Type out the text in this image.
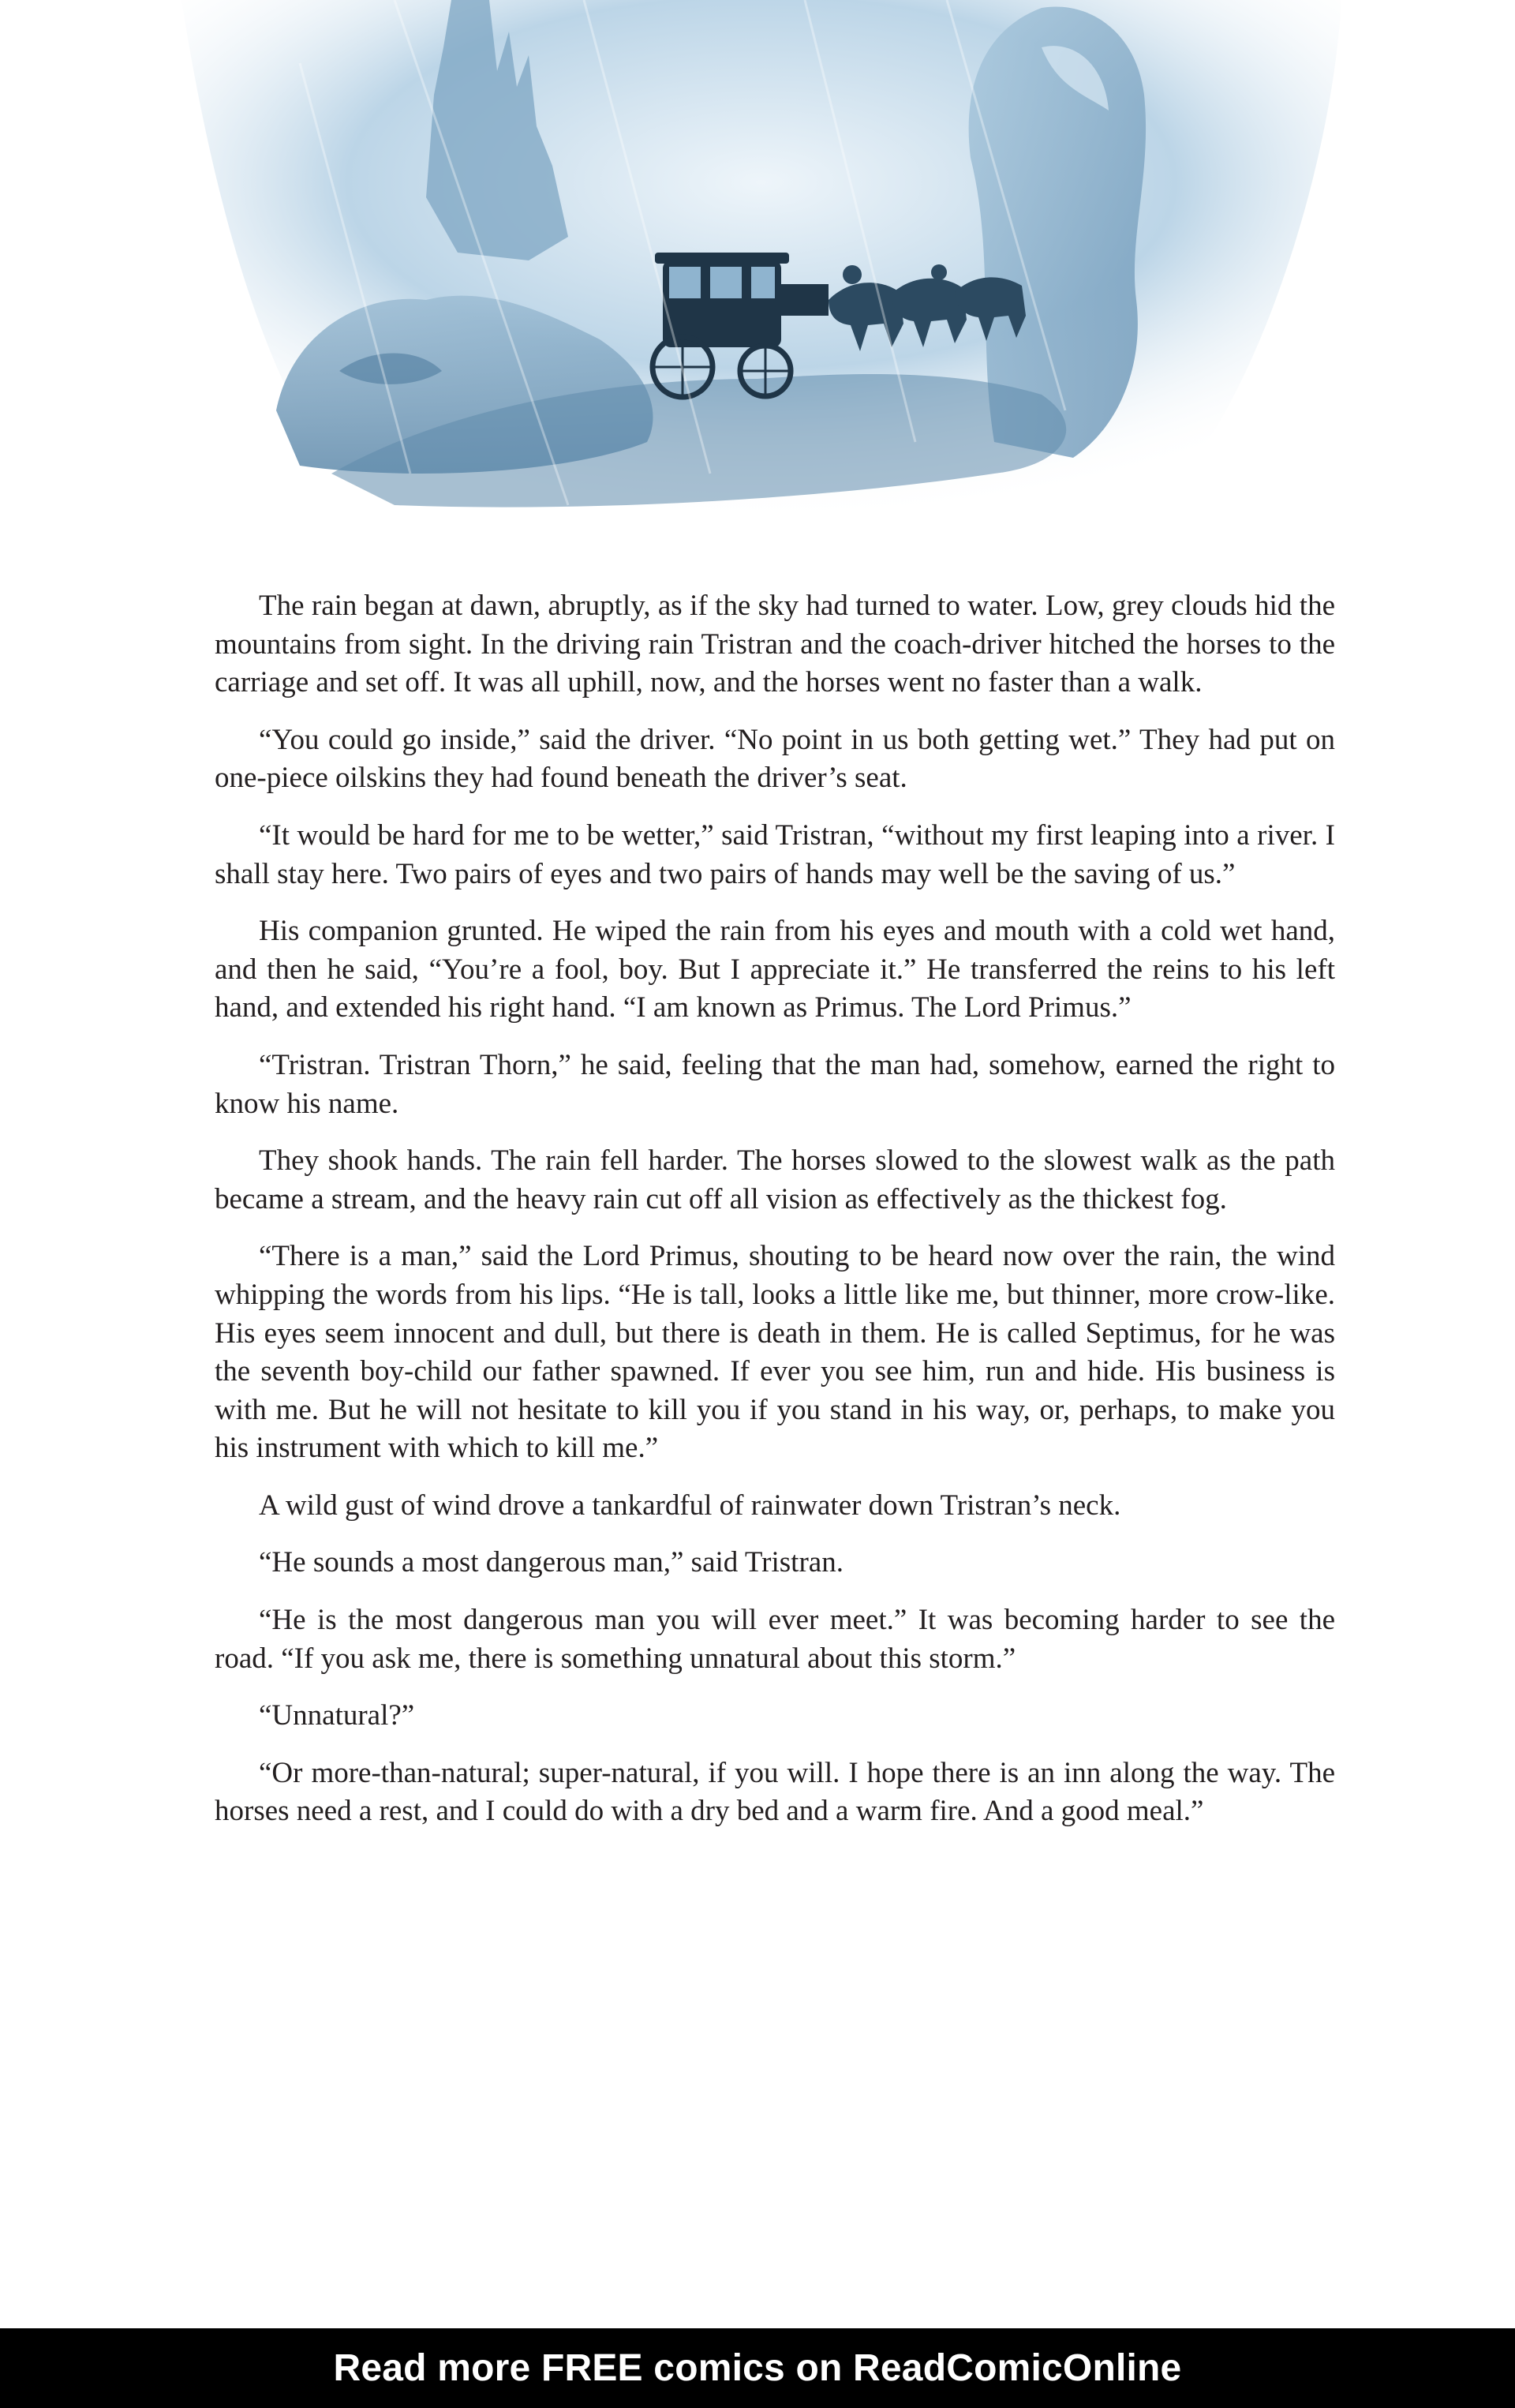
The rain began at dawn, abruptly, as if the sky had turned to water. Low, grey clouds hid the mountains from sight. In the driving rain Tristran and the coach-driver hitched the horses to the carriage and set off. It was all uphill, now, and the horses went no faster than a walk.

“You could go inside,” said the driver. “No point in us both getting wet.” They had put on one-piece oilskins they had found beneath the driver’s seat.

“It would be hard for me to be wetter,” said Tristran, “without my first leaping into a river. I shall stay here. Two pairs of eyes and two pairs of hands may well be the saving of us.”

His companion grunted. He wiped the rain from his eyes and mouth with a cold wet hand, and then he said, “You’re a fool, boy. But I appreciate it.” He transferred the reins to his left hand, and extended his right hand. “I am known as Primus. The Lord Primus.”

“Tristran. Tristran Thorn,” he said, feeling that the man had, somehow, earned the right to know his name.

They shook hands. The rain fell harder. The horses slowed to the slowest walk as the path became a stream, and the heavy rain cut off all vision as effectively as the thickest fog.

“There is a man,” said the Lord Primus, shouting to be heard now over the rain, the wind whipping the words from his lips. “He is tall, looks a little like me, but thinner, more crow-like. His eyes seem innocent and dull, but there is death in them. He is called Septimus, for he was the seventh boy-child our father spawned. If ever you see him, run and hide. His business is with me. But he will not hesitate to kill you if you stand in his way, or, perhaps, to make you his instrument with which to kill me.”

A wild gust of wind drove a tankardful of rainwater down Tristran’s neck.

“He sounds a most dangerous man,” said Tristran.

“He is the most dangerous man you will ever meet.” It was becoming harder to see the road. “If you ask me, there is something unnatural about this storm.”

“Unnatural?”

“Or more-than-natural; super-natural, if you will. I hope there is an inn along the way. The horses need a rest, and I could do with a dry bed and a warm fire. And a good meal.”

Read more FREE comics on ReadComicOnline
